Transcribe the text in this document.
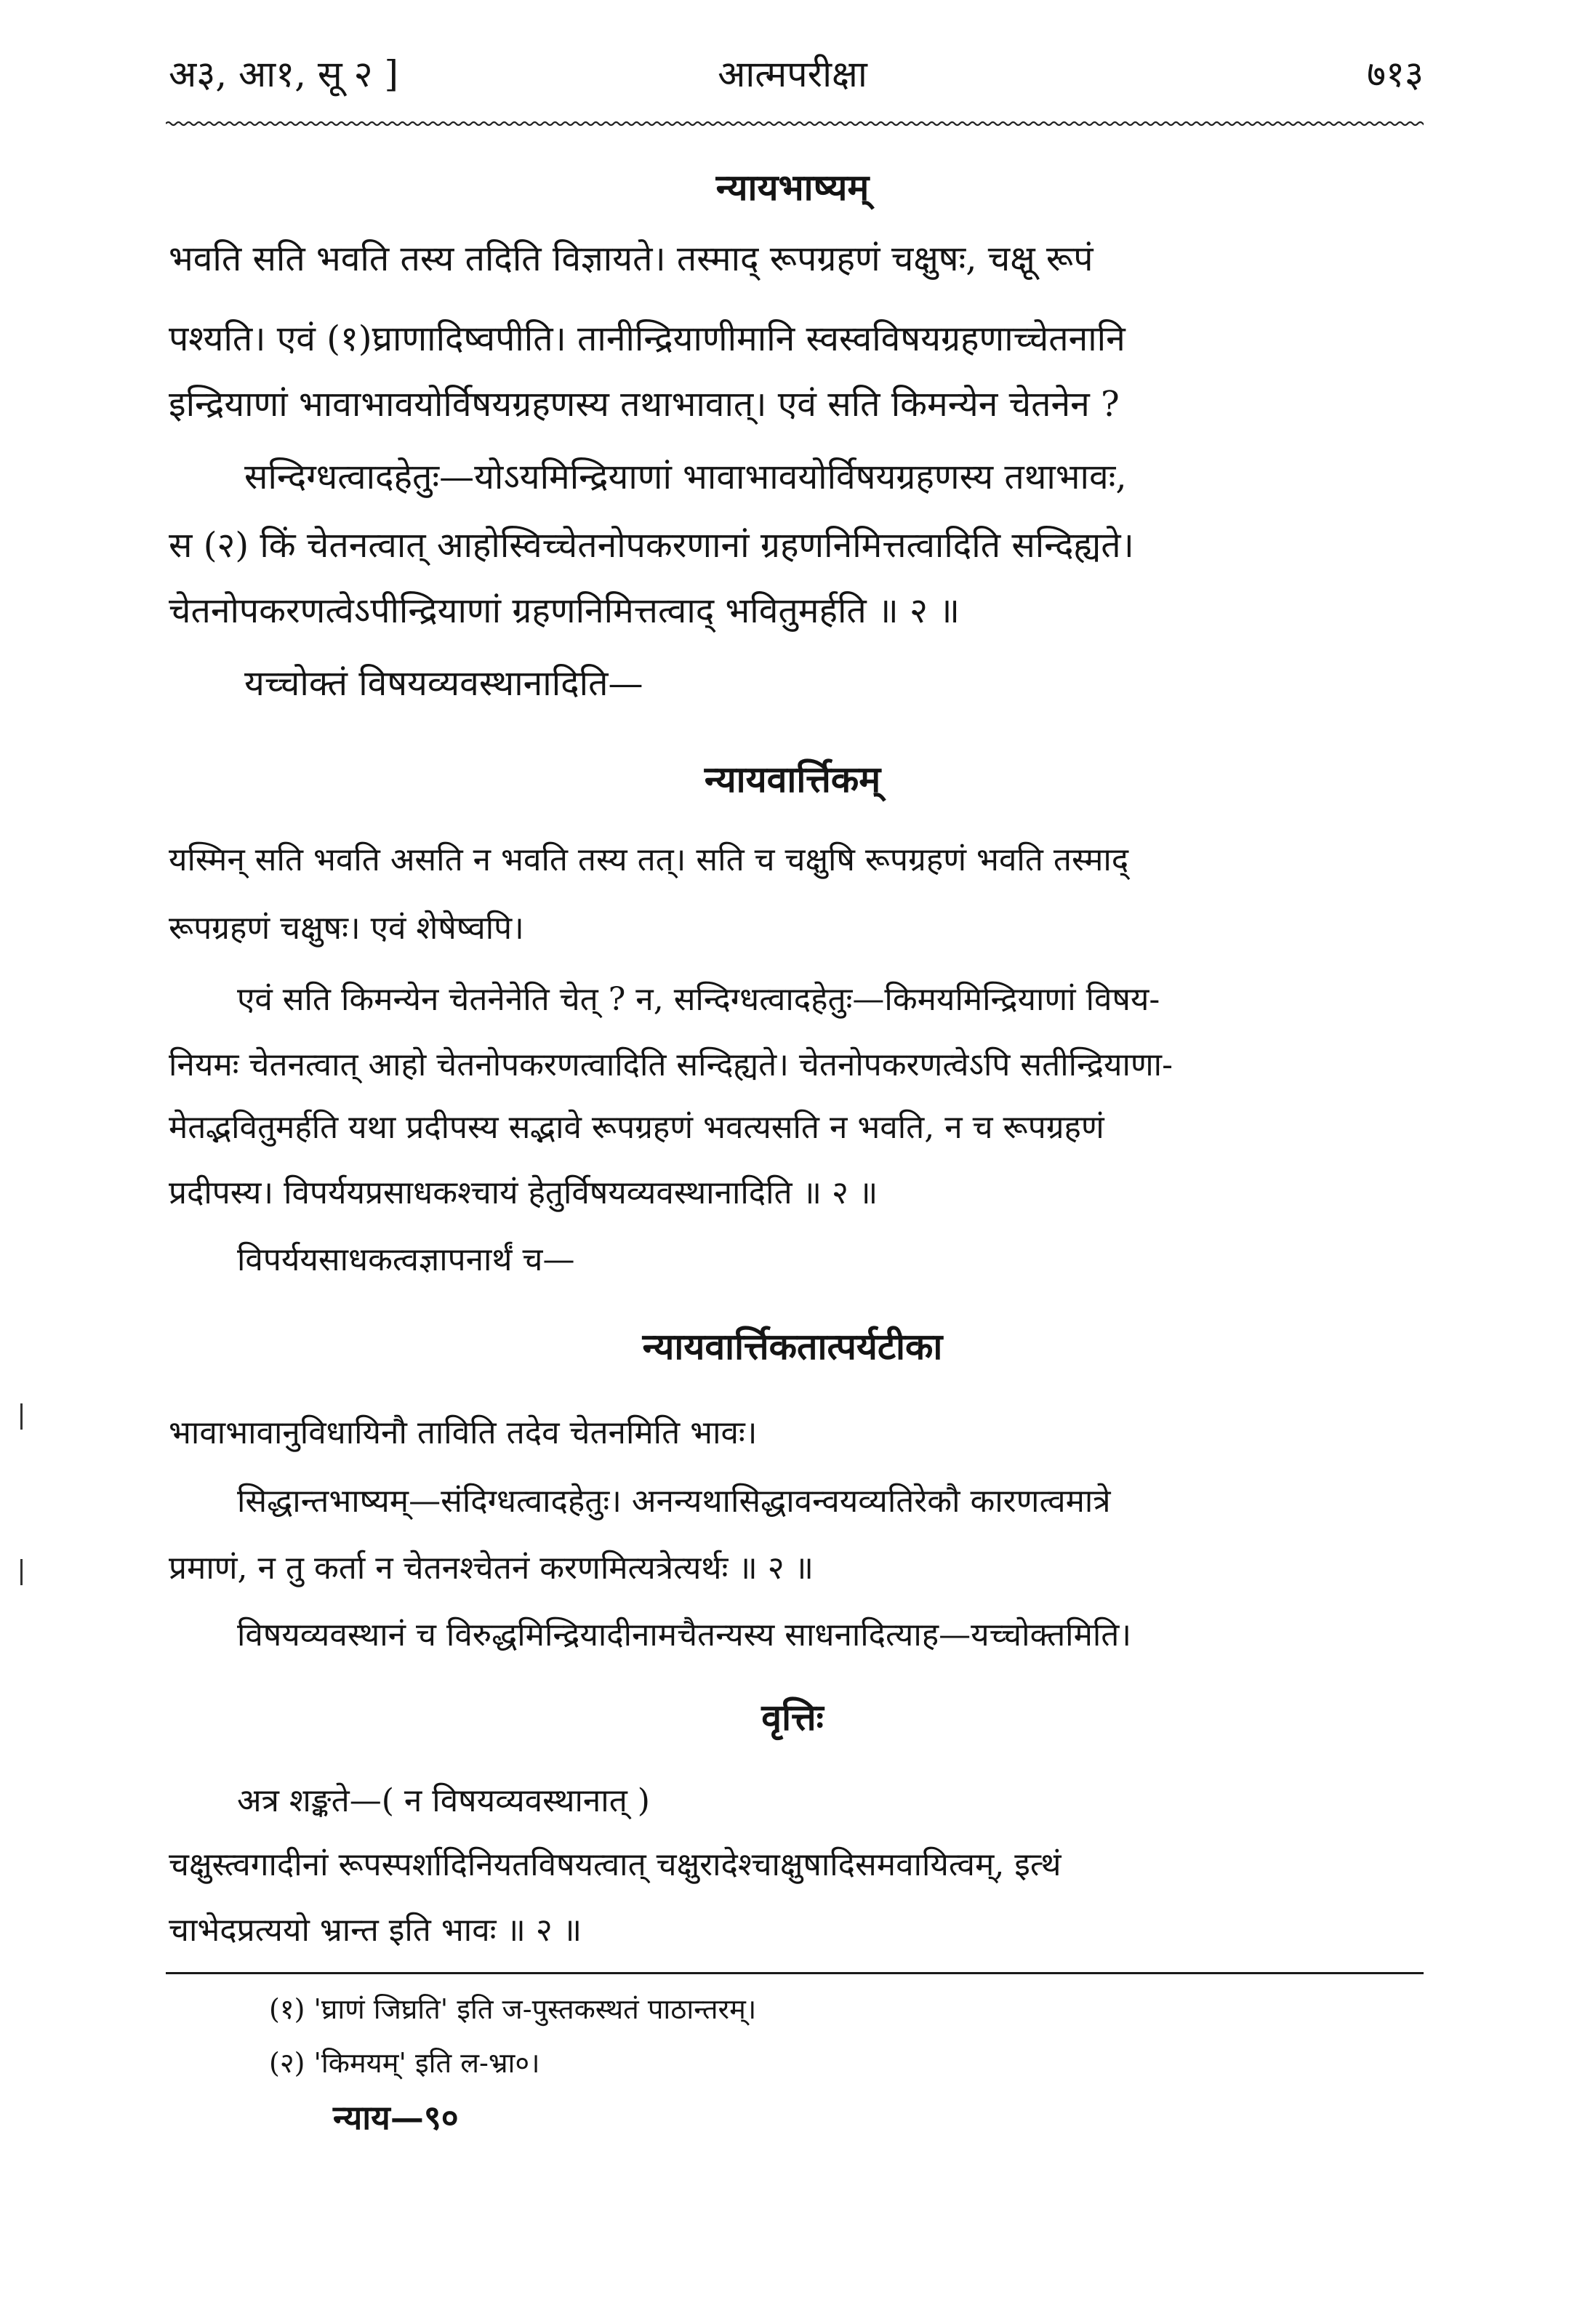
अ३, आ१, सू २ ]	आत्मपरीक्षा	७१३
न्यायभाष्यम्
भवति सति भवति तस्य तदिति विज्ञायते। तस्माद् रूपग्रहणं चक्षुषः, चक्षू रूपं
पश्यति। एवं (१)घ्राणादिष्वपीति। तानीन्द्रियाणीमानि स्वस्वविषयग्रहणाच्चेतनानि
इन्द्रियाणां भावाभावयोर्विषयग्रहणस्य तथाभावात्। एवं सति किमन्येन चेतनेन ?
सन्दिग्धत्वादहेतुः—योऽयमिन्द्रियाणां भावाभावयोर्विषयग्रहणस्य तथाभावः,
स (२) किं चेतनत्वात् आहोस्विच्चेतनोपकरणानां ग्रहणनिमित्तत्वादिति सन्दिह्यते।
चेतनोपकरणत्वेऽपीन्द्रियाणां ग्रहणनिमित्तत्वाद् भवितुमर्हति ॥ २ ॥
यच्चोक्तं विषयव्यवस्थानादिति—
न्यायवार्त्तिकम्
यस्मिन् सति भवति असति न भवति तस्य तत्। सति च चक्षुषि रूपग्रहणं भवति तस्माद्
रूपग्रहणं चक्षुषः। एवं शेषेष्वपि।
एवं सति किमन्येन चेतनेनेति चेत् ? न, सन्दिग्धत्वादहेतुः—किमयमिन्द्रियाणां विषय-
नियमः चेतनत्वात् आहो चेतनोपकरणत्वादिति सन्दिह्यते। चेतनोपकरणत्वेऽपि सतीन्द्रियाणा-
मेतद्भवितुमर्हति यथा प्रदीपस्य सद्भावे रूपग्रहणं भवत्यसति न भवति, न च रूपग्रहणं
प्रदीपस्य। विपर्ययप्रसाधकश्चायं हेतुर्विषयव्यवस्थानादिति ॥ २ ॥
विपर्ययसाधकत्वज्ञापनार्थं च—
न्यायवार्त्तिकतात्पर्यटीका
भावाभावानुविधायिनौ ताविति तदेव चेतनमिति भावः।
सिद्धान्तभाष्यम्—संदिग्धत्वादहेतुः। अनन्यथासिद्धावन्वयव्यतिरेकौ कारणत्वमात्रे
प्रमाणं, न तु कर्ता न चेतनश्चेतनं करणमित्यत्रेत्यर्थः ॥ २ ॥
विषयव्यवस्थानं च विरुद्धमिन्द्रियादीनामचैतन्यस्य साधनादित्याह—यच्चोक्तमिति।
वृत्तिः
अत्र शङ्कते—( न विषयव्यवस्थानात् )
चक्षुस्त्वगादीनां रूपस्पर्शादिनियतविषयत्वात् चक्षुरादेश्चाक्षुषादिसमवायित्वम्, इत्थं
चाभेदप्रत्ययो भ्रान्त इति भावः ॥ २ ॥
(१) 'घ्राणं जिघ्रति' इति ज-पुस्तकस्थतं पाठान्तरम्।
(२) 'किमयम्' इति ल-भ्रा०।
न्याय—९०
